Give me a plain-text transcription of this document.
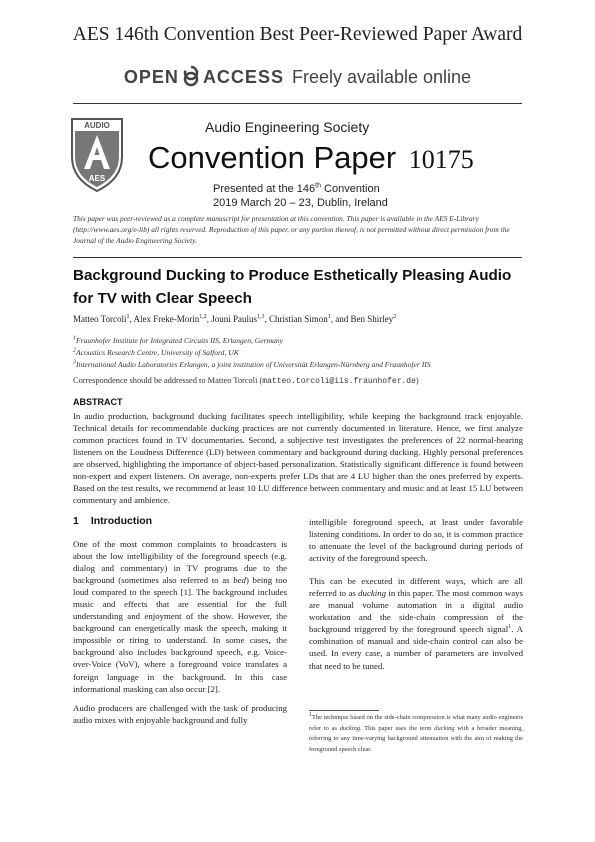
AES 146th Convention Best Peer-Reviewed Paper Award
OPEN ACCESS Freely available online
AUDIO
AES
Audio Engineering Society
Convention Paper 10175
Presented at the 146th Convention
2019 March 20 – 23, Dublin, Ireland
This paper was peer-reviewed as a complete manuscript for presentation at this convention. This paper is available in the AES E-Library (http://www.aes.org/e-lib) all rights reserved. Reproduction of this paper, or any portion thereof, is not permitted without direct permission from the Journal of the Audio Engineering Society.
Background Ducking to Produce Esthetically Pleasing Audio for TV with Clear Speech
Matteo Torcoli$^1$, Alex Freke-Morin$^{1,2}$, Jouni Paulus$^{1,3}$, Christian Simon$^1$, and Ben Shirley$^2$
$^1$Fraunhofer Institute for Integrated Circuits IIS, Erlangen, Germany
$^2$Acoustics Research Centre, University of Salford, UK
$^3$International Audio Laboratories Erlangen, a joint institution of Universität Erlangen-Nürnberg and Fraunhofer IIS
Correspondence should be addressed to Matteo Torcoli (matteo.torcoli@iis.fraunhofer.de)
ABSTRACT
In audio production, background ducking facilitates speech intelligibility, while keeping the background track enjoyable. Technical details for recommendable ducking practices are not currently documented in literature. Hence, we first analyze common practices found in TV documentaries. Second, a subjective test investigates the preferences of 22 normal-hearing listeners on the Loudness Difference (LD) between commentary and background during ducking. Highly personal preferences are observed, highlighting the importance of object-based personalization. Statistically significant difference is found between non-expert and expert listeners. On average, non-experts prefer LDs that are 4 LU higher than the ones preferred by experts. Based on the test results, we recommend at least 10 LU difference between commentary and music and at least 15 LU between commentary and ambience.
1 Introduction

One of the most common complaints to broadcasters is about the low intelligibility of the foreground speech (e.g. dialog and commentary) in TV programs due to the background (sometimes also referred to as bed) being too loud compared to the speech [1]. The background includes music and effects that are essential for the full understanding and enjoyment of the show. However, the background can energetically mask the speech, making it impossible or tiring to understand. In some cases, the background also includes background speech, e.g. Voice-over-Voice (VoV), where a foreground voice translates a foreign language in the background. In this case informational masking can also occur [2].

Audio producers are challenged with the task of producing audio mixes with enjoyable background and fully

intelligible foreground speech, at least under favorable listening conditions. In order to do so, it is common practice to attenuate the level of the background during periods of activity of the foreground speech.

This can be executed in different ways, which are all referred to as ducking in this paper. The most common ways are manual volume automation in a digital audio workstation and the side-chain compression of the background triggered by the foreground speech signal$^1$. A combination of manual and side-chain control can also be used. In every case, a number of parameters are involved that need to be tuned.

$^1$The technique based on the side-chain compression is what many audio engineers refer to as ducking. This paper uses the term ducking with a broader meaning, referring to any time-varying background attenuation with the aim of making the foreground speech clear.
